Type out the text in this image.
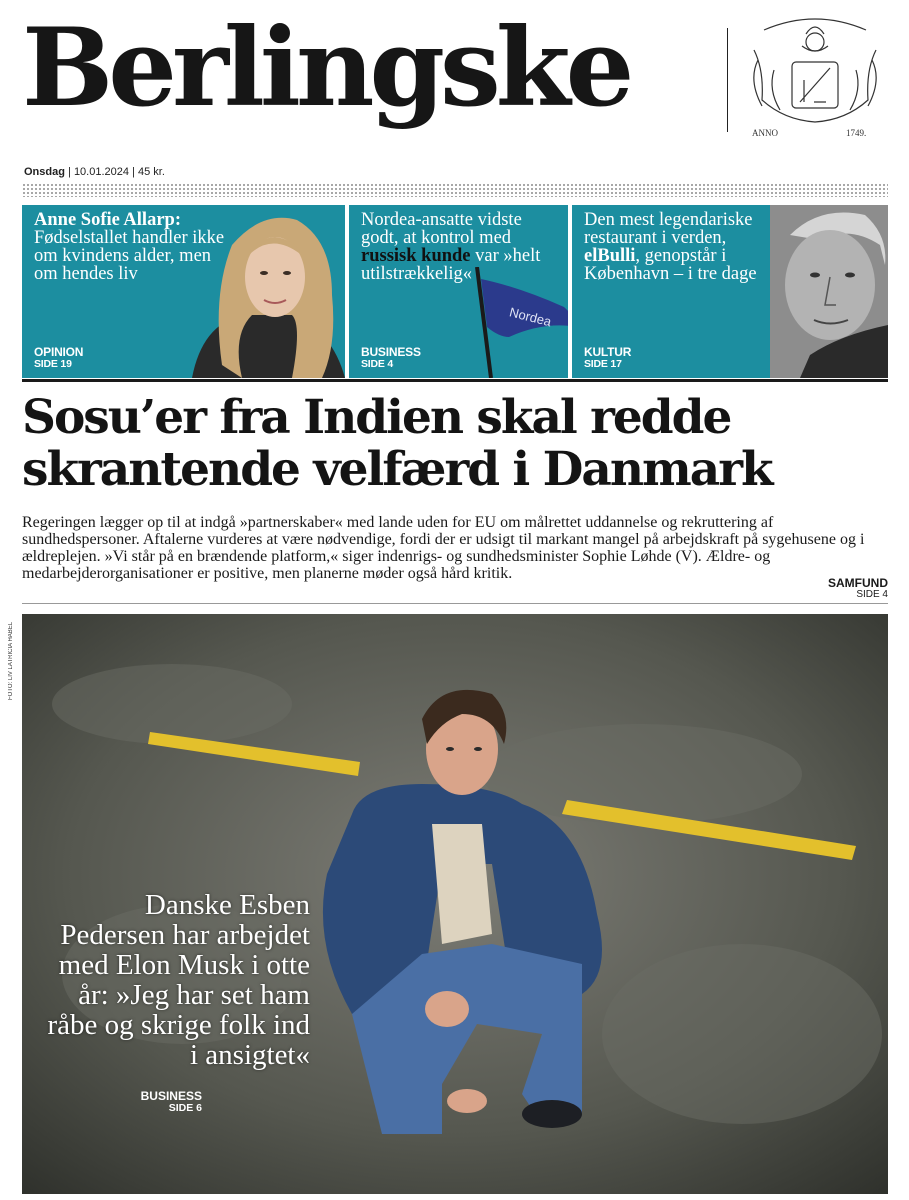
Berlingske
ANNO	1749.
Onsdag | 10.01.2024 | 45 kr.
Anne Sofie Allarp:
Fødselstallet handler ikke om kvindens alder, men om hendes liv
OPINION
SIDE 19
Nordea
Nordea-ansatte vidste godt, at kontrol med russisk kunde var »helt utilstrækkelig«
BUSINESS
SIDE 4
Den mest legendariske restaurant i verden, elBulli, genopstår i København – i tre dage
KULTUR
SIDE 17
Sosu’er fra Indien skal redde skrantende velfærd i Danmark
Regeringen lægger op til at indgå »partnerskaber« med lande uden for EU om målrettet uddannelse og rekruttering af sundhedspersoner. Aftalerne vurderes at være nødvendige, fordi der er udsigt til markant mangel på arbejdskraft på sygehusene og i ældreplejen. »Vi står på en brændende platform,« siger indenrigs- og sundhedsminister Sophie Løhde (V). Ældre- og medarbejderorganisationer er positive, men planerne møder også hård kritik.
SAMFUND
SIDE 4
FOTO: LIV LATRICIA HABEL
Danske Esben Pedersen har arbejdet med Elon Musk i otte år: »Jeg har set ham råbe og skrige folk ind i ansigtet«
BUSINESS
SIDE 6
